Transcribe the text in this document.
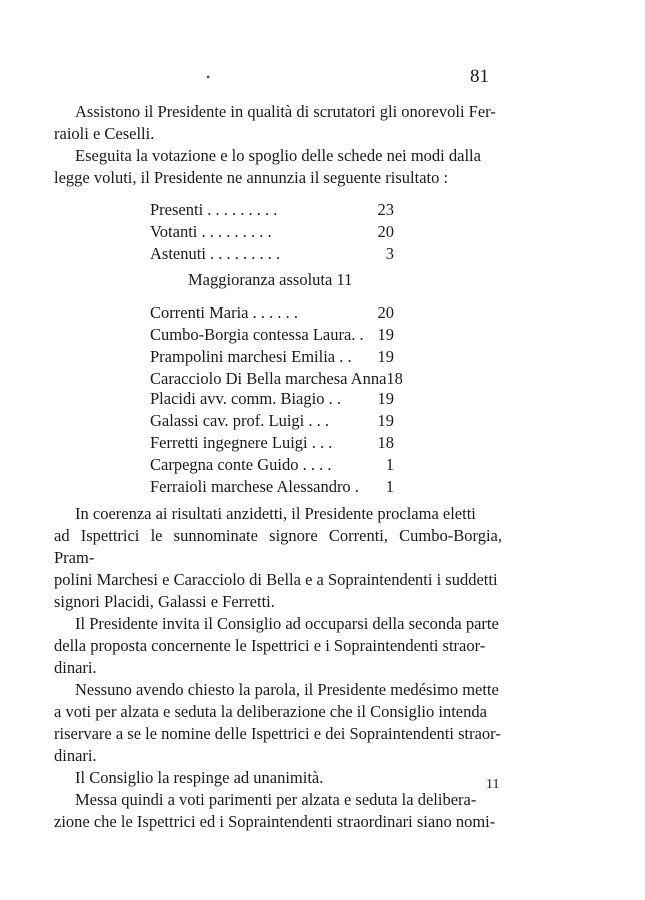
•	81

Assistono il Presidente in qualità di scrutatori gli onorevoli Fer-
raioli e Ceselli.

Eseguita la votazione e lo spoglio delle schede nei modi dalla
legge voluti, il Presidente ne annunzia il seguente risultato :

Presenti . . . . . . . . .	23
Votanti . . . . . . . . .	20
Astenuti . . . . . . . . .	3
Maggioranza assoluta 11
Correnti Maria . . . . . .	20
Cumbo-Borgia contessa Laura. . 19
Prampolini marchesi Emilia . . 19
Caracciolo Di Bella marchesa Anna 18
Placidi avv. comm. Biagio . . 19
Galassi cav. prof. Luigi . . .	19
Ferretti ingegnere Luigi . . .	18
Carpegna conte Guido . . . .	1
Ferraioli marchese Alessandro .	1

In coerenza ai risultati anzidetti, il Presidente proclama eletti
ad Ispettrici le sunnominate signore Correnti, Cumbo-Borgia, Pram-
polini Marchesi e Caracciolo di Bella e a Sopraintendenti i suddetti
signori Placidi, Galassi e Ferretti.

Il Presidente invita il Consiglio ad occuparsi della seconda parte
della proposta concernente le Ispettrici e i Sopraintendenti straor-
dinari.

Nessuno avendo chiesto la parola, il Presidente medésimo mette
a voti per alzata e seduta la deliberazione che il Consiglio intenda
riservare a se le nomine delle Ispettrici e dei Sopraintendenti straor-
dinari.

Il Consiglio la respinge ad unanimità.

Messa quindi a voti parimenti per alzata e seduta la delibera-
zione che le Ispettrici ed i Sopraintendenti straordinari siano nomi-

11
